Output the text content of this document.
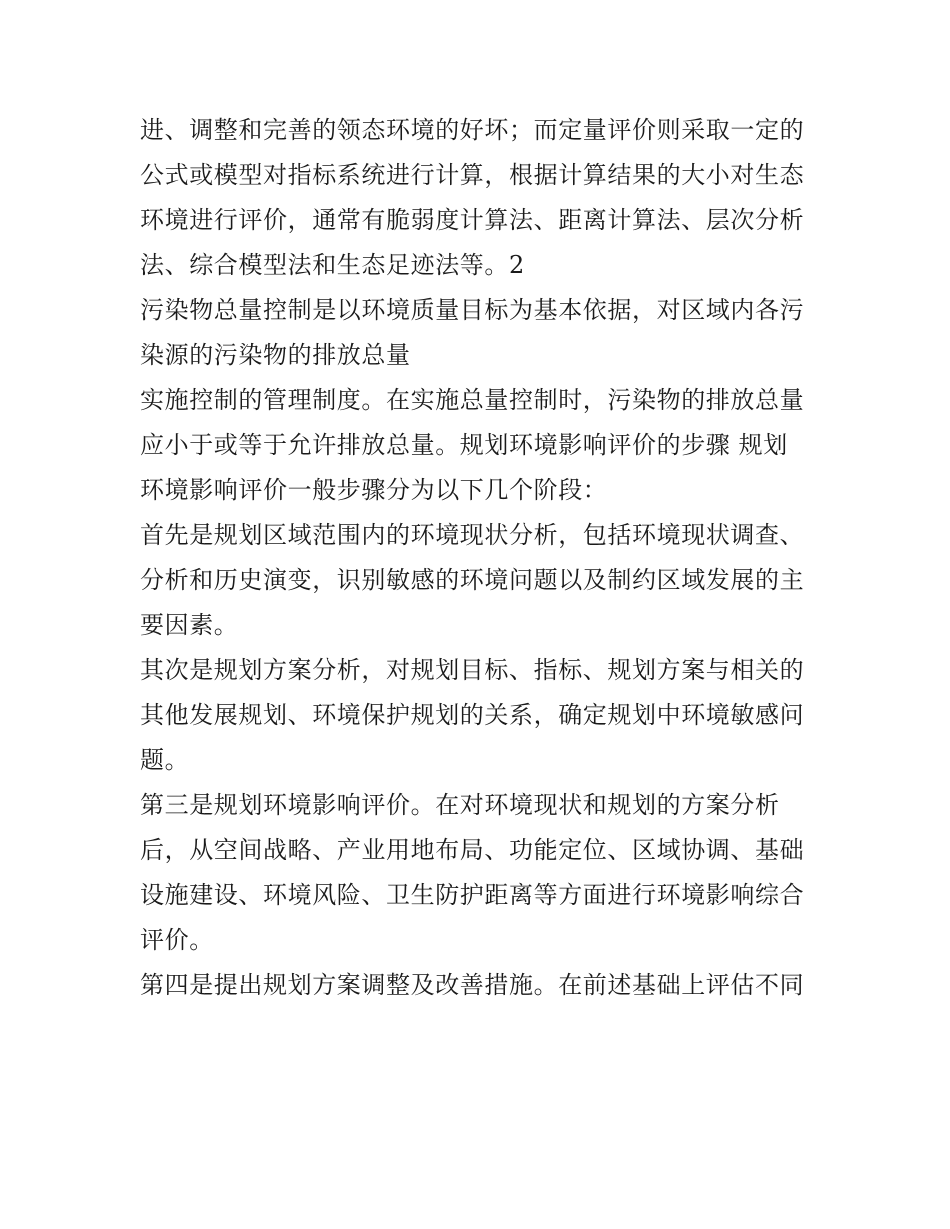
进、调整和完善的领态环境的好坏；而定量评价则采取一定的
公式或模型对指标系统进行计算，根据计算结果的大小对生态
环境进行评价，通常有脆弱度计算法、距离计算法、层次分析
法、综合模型法和生态足迹法等。2
污染物总量控制是以环境质量目标为基本依据，对区域内各污
染源的污染物的排放总量
实施控制的管理制度。在实施总量控制时，污染物的排放总量
应小于或等于允许排放总量。规划环境影响评价的步骤 规划
环境影响评价一般步骤分为以下几个阶段：
首先是规划区域范围内的环境现状分析，包括环境现状调查、
分析和历史演变，识别敏感的环境问题以及制约区域发展的主
要因素。
其次是规划方案分析，对规划目标、指标、规划方案与相关的
其他发展规划、环境保护规划的关系，确定规划中环境敏感问
题。
第三是规划环境影响评价。在对环境现状和规划的方案分析
后，从空间战略、产业用地布局、功能定位、区域协调、基础
设施建设、环境风险、卫生防护距离等方面进行环境影响综合
评价。
第四是提出规划方案调整及改善措施。在前述基础上评估不同
